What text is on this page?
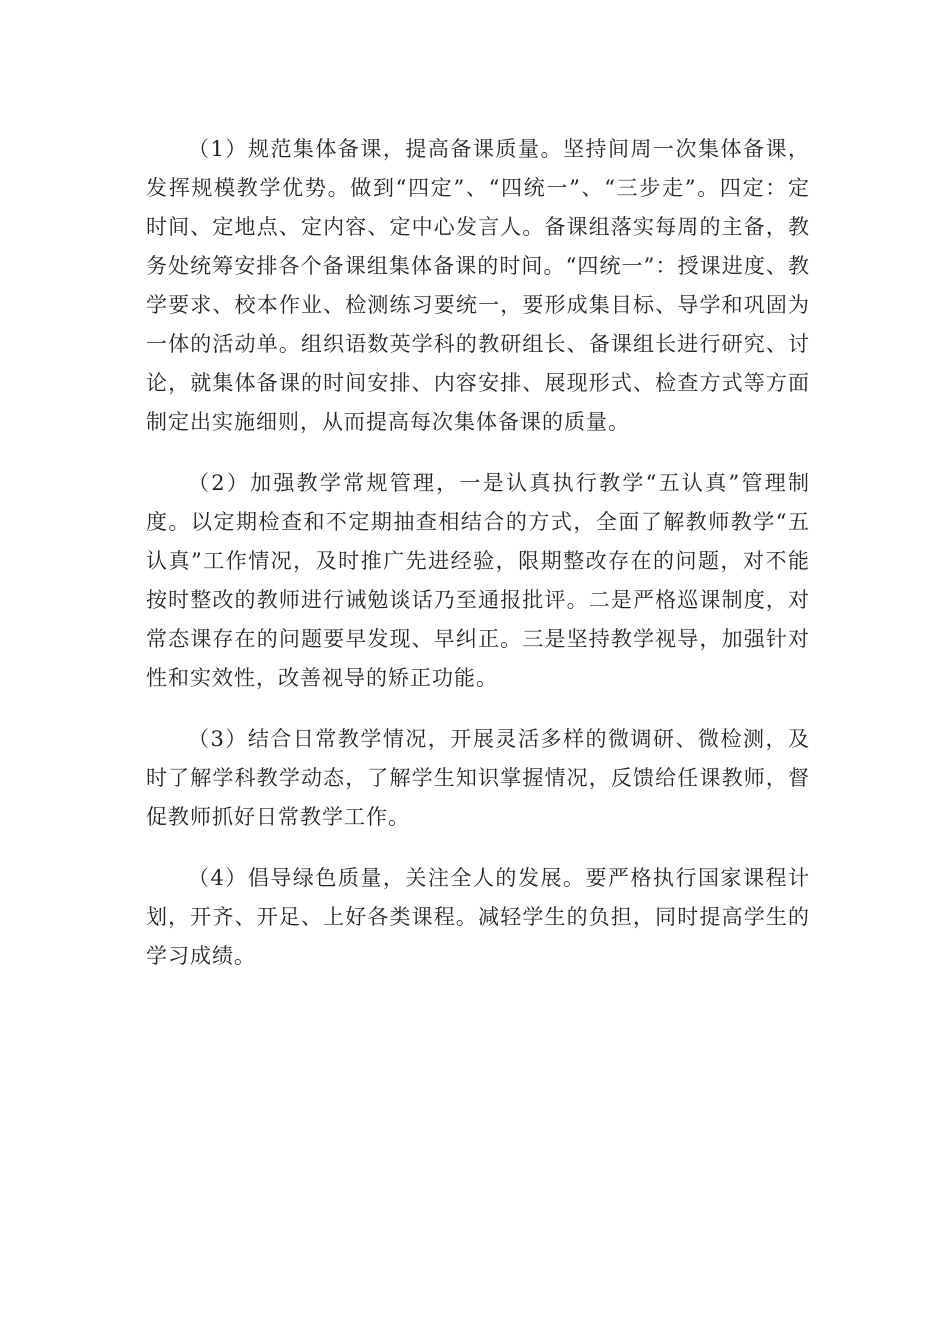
（1）规范集体备课，提高备课质量。坚持间周一次集体备课，发挥规模教学优势。做到“四定”、“四统一”、“三步走”。四定：定时间、定地点、定内容、定中心发言人。备课组落实每周的主备，教务处统筹安排各个备课组集体备课的时间。“四统一”：授课进度、教学要求、校本作业、检测练习要统一，要形成集目标、导学和巩固为一体的活动单。组织语数英学科的教研组长、备课组长进行研究、讨论，就集体备课的时间安排、内容安排、展现形式、检查方式等方面制定出实施细则，从而提高每次集体备课的质量。

（2）加强教学常规管理，一是认真执行教学“五认真”管理制度。以定期检查和不定期抽查相结合的方式，全面了解教师教学“五认真”工作情况，及时推广先进经验，限期整改存在的问题，对不能按时整改的教师进行诫勉谈话乃至通报批评。二是严格巡课制度，对常态课存在的问题要早发现、早纠正。三是坚持教学视导，加强针对性和实效性，改善视导的矫正功能。

（3）结合日常教学情况，开展灵活多样的微调研、微检测，及时了解学科教学动态，了解学生知识掌握情况，反馈给任课教师，督促教师抓好日常教学工作。

（4）倡导绿色质量，关注全人的发展。要严格执行国家课程计划，开齐、开足、上好各类课程。减轻学生的负担，同时提高学生的学习成绩。
